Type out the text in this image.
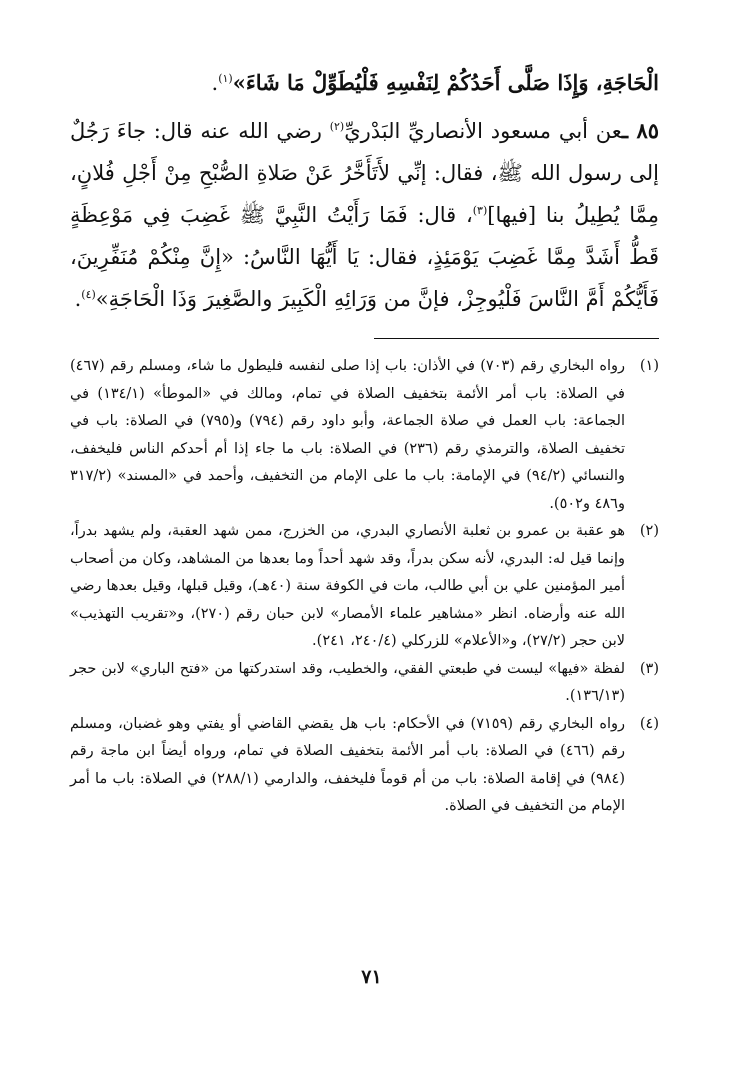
الْحَاجَةِ، وَإِذَا صَلَّى أَحَدُكُمْ لِنَفْسِهِ فَلْيُطَوِّلْ مَا شَاءَ»$^{(١)}$.

٨٥ ـعن أبي مسعود الأنصاريِّ البَدْريِّ$^{(٢)}$ رضي الله عنه قال: جاءَ رَجُلٌ إلى رسول الله ﷺ، فقال: إنِّي لأَتَأَخَّرُ عَنْ صَلاةِ الصُّبْحِ مِنْ أَجْلِ فُلانٍ، مِمَّا يُطِيلُ بنا [فيها]$^{(٣)}$، قال: فَمَا رَأَيْتُ النَّبِيَّ ﷺ غَضِبَ فِي مَوْعِظَةٍ قَطُّ أَشَدَّ مِمَّا غَضِبَ يَوْمَئِذٍ، فقال: يَا أَيُّهَا النَّاسُ: «إِنَّ مِنْكُمْ مُنَفِّرِينَ، فَأَيُّكُمْ أَمَّ النَّاسَ فَلْيُوجِزْ، فإنَّ من وَرَائِهِ الْكَبِيرَ والصَّغِيرَ وَذَا الْحَاجَةِ»$^{(٤)}$.

(١)
رواه البخاري رقم (٧٠٣) في الأذان: باب إذا صلى لنفسه فليطول ما شاء، ومسلم رقم (٤٦٧) في الصلاة: باب أمر الأئمة بتخفيف الصلاة في تمام، ومالك في «الموطأ» (١٣٤/١) في الجماعة: باب العمل في صلاة الجماعة، وأبو داود رقم (٧٩٤) و(٧٩٥) في الصلاة: باب في تخفيف الصلاة، والترمذي رقم (٢٣٦) في الصلاة: باب ما جاء إذا أم أحدكم الناس فليخفف، والنسائي (٩٤/٢) في الإمامة: باب ما على الإمام من التخفيف، وأحمد في «المسند» (٣١٧/٢ و٤٨٦ و٥٠٢).
(٢)
هو عقبة بن عمرو بن ثعلبة الأنصاري البدري، من الخزرج، ممن شهد العقبة، ولم يشهد بدراً، وإنما قيل له: البدري، لأنه سكن بدراً، وقد شهد أحداً وما بعدها من المشاهد، وكان من أصحاب أمير المؤمنين علي بن أبي طالب، مات في الكوفة سنة (٤٠هـ)، وقيل قبلها، وقيل بعدها رضي الله عنه وأرضاه. انظر «مشاهير علماء الأمصار» لابن حبان رقم (٢٧٠)، و«تقريب التهذيب» لابن حجر (٢٧/٢)، و«الأعلام» للزركلي (٢٤٠/٤، ٢٤١).
(٣)
لفظة «فيها» ليست في طبعتي الفقي، والخطيب، وقد استدركتها من «فتح الباري» لابن حجر (١٣٦/١٣).
(٤)
رواه البخاري رقم (٧١٥٩) في الأحكام: باب هل يقضي القاضي أو يفتي وهو غضبان، ومسلم رقم (٤٦٦) في الصلاة: باب أمر الأئمة بتخفيف الصلاة في تمام، ورواه أيضاً ابن ماجة رقم (٩٨٤) في إقامة الصلاة: باب من أم قوماً فليخفف، والدارمي (٢٨٨/١) في الصلاة: باب ما أمر الإمام من التخفيف في الصلاة.
٧١
